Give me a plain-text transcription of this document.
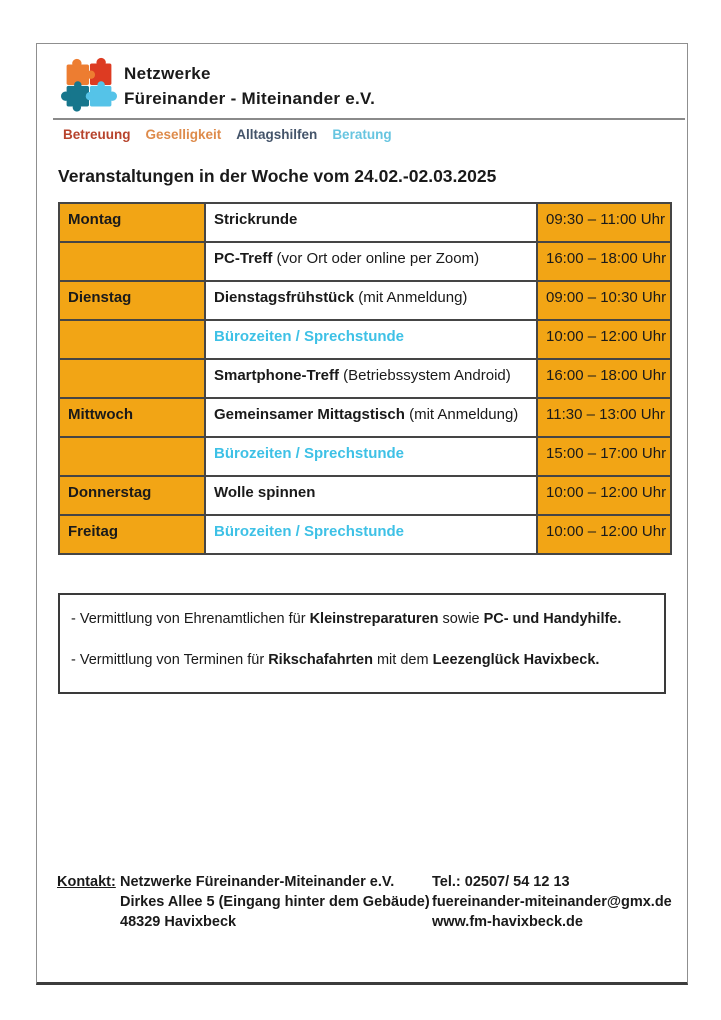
Netzwerke
Füreinander - Miteinander e.V.
Betreuung Geselligkeit Alltagshilfen Beratung
Veranstaltungen in der Woche vom 24.02.-02.03.2025
Montag	Strickrunde	09:30 – 11:00 Uhr
	PC-Treff (vor Ort oder online per Zoom)	16:00 – 18:00 Uhr
Dienstag	Dienstagsfrühstück (mit Anmeldung)	09:00 – 10:30 Uhr
	Bürozeiten / Sprechstunde	10:00 – 12:00 Uhr
	Smartphone-Treff (Betriebssystem Android)	16:00 – 18:00 Uhr
Mittwoch	Gemeinsamer Mittagstisch (mit Anmeldung)	11:30 – 13:00 Uhr
	Bürozeiten / Sprechstunde	15:00 – 17:00 Uhr
Donnerstag	Wolle spinnen	10:00 – 12:00 Uhr
Freitag	Bürozeiten / Sprechstunde	10:00 – 12:00 Uhr

- Vermittlung von Ehrenamtlichen für Kleinstreparaturen sowie PC- und Handyhilfe.

- Vermittlung von Terminen für Rikschafahrten mit dem Leezenglück Havixbeck.

Kontakt: Netzwerke Füreinander-Miteinander e.V.
Dirkes Allee 5 (Eingang hinter dem Gebäude)
48329 Havixbeck
Tel.: 02507/ 54 12 13
fuereinander-miteinander@gmx.de
www.fm-havixbeck.de
